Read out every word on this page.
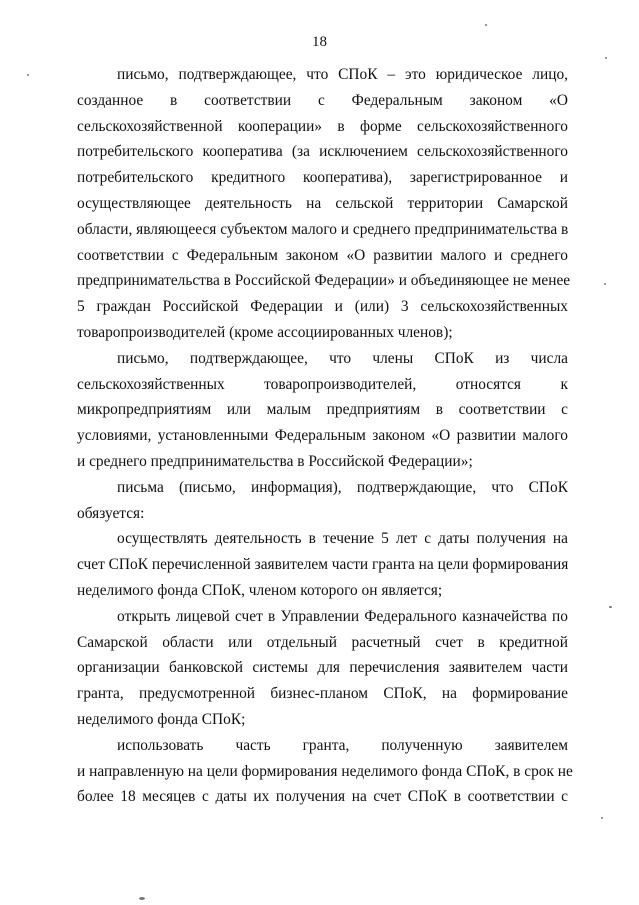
18
письмо, подтверждающее, что СПоК – это юридическое лицо,
созданное в соответствии с Федеральным законом «О
сельскохозяйственной кооперации» в форме сельскохозяйственного
потребительского кооператива (за исключением сельскохозяйственного
потребительского кредитного кооператива), зарегистрированное и
осуществляющее деятельность на сельской территории Самарской
области, являющееся субъектом малого и среднего предпринимательства в
соответствии с Федеральным законом «О развитии малого и среднего
предпринимательства в Российской Федерации» и объединяющее не менее
5 граждан Российской Федерации и (или) 3 сельскохозяйственных
товаропроизводителей (кроме ассоциированных членов);
письмо, подтверждающее, что члены СПоК из числа
сельскохозяйственных товаропроизводителей, относятся к
микропредприятиям или малым предприятиям в соответствии с
условиями, установленными Федеральным законом «О развитии малого
и среднего предпринимательства в Российской Федерации»;
письма (письмо, информация), подтверждающие, что СПоК
обязуется:
осуществлять деятельность в течение 5 лет с даты получения на
счет СПоК перечисленной заявителем части гранта на цели формирования
неделимого фонда СПоК, членом которого он является;
открыть лицевой счет в Управлении Федерального казначейства по
Самарской области или отдельный расчетный счет в кредитной
организации банковской системы для перечисления заявителем части
гранта, предусмотренной бизнес-планом СПоК, на формирование
неделимого фонда СПоК;
использовать часть гранта, полученную заявителем
и направленную на цели формирования неделимого фонда СПоК, в срок не
более 18 месяцев с даты их получения на счет СПоК в соответствии с
